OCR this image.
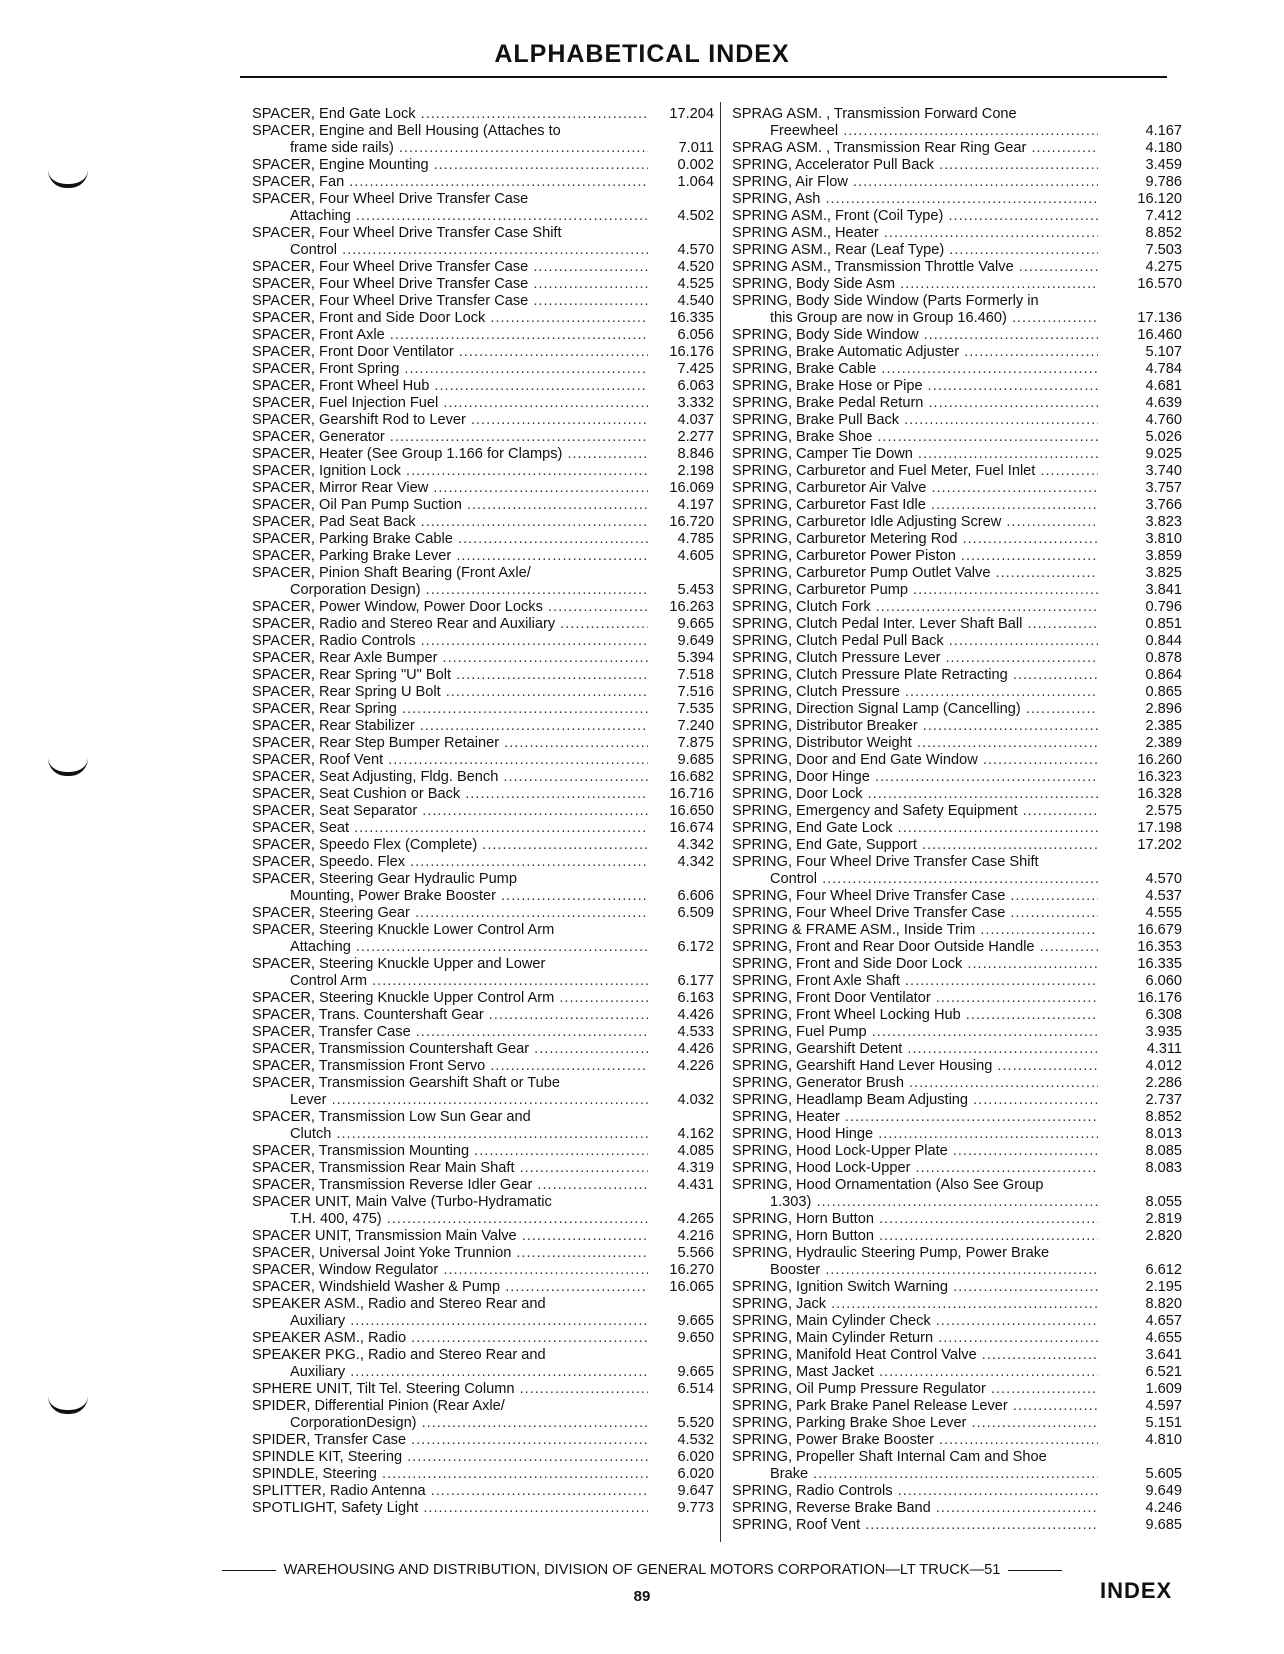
ALPHABETICAL INDEX
SPACER, End Gate Lock .....	17.204
SPACER, Engine and Bell Housing (Attaches to
frame side rails) .....	7.011
SPACER, Engine Mounting .....	0.002
SPACER, Fan .....	1.064
SPACER, Four Wheel Drive Transfer Case
Attaching .....	4.502
SPACER, Four Wheel Drive Transfer Case Shift
Control .....	4.570
SPACER, Four Wheel Drive Transfer Case .....	4.520
SPACER, Four Wheel Drive Transfer Case .....	4.525
SPACER, Four Wheel Drive Transfer Case .....	4.540
SPACER, Front and Side Door Lock .....	16.335
SPACER, Front Axle .....	6.056
SPACER, Front Door Ventilator .....	16.176
SPACER, Front Spring .....	7.425
SPACER, Front Wheel Hub .....	6.063
SPACER, Fuel Injection Fuel .....	3.332
SPACER, Gearshift Rod to Lever .....	4.037
SPACER, Generator .....	2.277
SPACER, Heater (See Group 1.166 for Clamps) .....	8.846
SPACER, Ignition Lock .....	2.198
SPACER, Mirror Rear View .....	16.069
SPACER, Oil Pan Pump Suction .....	4.197
SPACER, Pad Seat Back .....	16.720
SPACER, Parking Brake Cable .....	4.785
SPACER, Parking Brake Lever .....	4.605
SPACER, Pinion Shaft Bearing (Front Axle/
Corporation Design) .....	5.453
SPACER, Power Window, Power Door Locks .....	16.263
SPACER, Radio and Stereo Rear and Auxiliary .....	9.665
SPACER, Radio Controls .....	9.649
SPACER, Rear Axle Bumper .....	5.394
SPACER, Rear Spring "U" Bolt .....	7.518
SPACER, Rear Spring U Bolt .....	7.516
SPACER, Rear Spring .....	7.535
SPACER, Rear Stabilizer .....	7.240
SPACER, Rear Step Bumper Retainer .....	7.875
SPACER, Roof Vent .....	9.685
SPACER, Seat Adjusting, Fldg. Bench .....	16.682
SPACER, Seat Cushion or Back .....	16.716
SPACER, Seat Separator .....	16.650
SPACER, Seat .....	16.674
SPACER, Speedo Flex (Complete) .....	4.342
SPACER, Speedo. Flex .....	4.342
SPACER, Steering Gear Hydraulic Pump
Mounting, Power Brake Booster .....	6.606
SPACER, Steering Gear .....	6.509
SPACER, Steering Knuckle Lower Control Arm
Attaching .....	6.172
SPACER, Steering Knuckle Upper and Lower
Control Arm .....	6.177
SPACER, Steering Knuckle Upper Control Arm .....	6.163
SPACER, Trans. Countershaft Gear .....	4.426
SPACER, Transfer Case .....	4.533
SPACER, Transmission Countershaft Gear .....	4.426
SPACER, Transmission Front Servo .....	4.226
SPACER, Transmission Gearshift Shaft or Tube
Lever .....	4.032
SPACER, Transmission Low Sun Gear and
Clutch .....	4.162
SPACER, Transmission Mounting .....	4.085
SPACER, Transmission Rear Main Shaft .....	4.319
SPACER, Transmission Reverse Idler Gear .....	4.431
SPACER UNIT, Main Valve (Turbo-Hydramatic
T.H. 400, 475) .....	4.265
SPACER UNIT, Transmission Main Valve .....	4.216
SPACER, Universal Joint Yoke Trunnion .....	5.566
SPACER, Window Regulator .....	16.270
SPACER, Windshield Washer & Pump .....	16.065
SPEAKER ASM., Radio and Stereo Rear and
Auxiliary .....	9.665
SPEAKER ASM., Radio .....	9.650
SPEAKER PKG., Radio and Stereo Rear and
Auxiliary .....	9.665
SPHERE UNIT, Tilt Tel. Steering Column .....	6.514
SPIDER, Differential Pinion (Rear Axle/
CorporationDesign) .....	5.520
SPIDER, Transfer Case .....	4.532
SPINDLE KIT, Steering .....	6.020
SPINDLE, Steering .....	6.020
SPLITTER, Radio Antenna .....	9.647
SPOTLIGHT, Safety Light .....	9.773
SPRAG ASM. , Transmission Forward Cone
Freewheel .....	4.167
SPRAG ASM. , Transmission Rear Ring Gear .....	4.180
SPRING, Accelerator Pull Back .....	3.459
SPRING, Air Flow .....	9.786
SPRING, Ash .....	16.120
SPRING ASM., Front (Coil Type) .....	7.412
SPRING ASM., Heater .....	8.852
SPRING ASM., Rear (Leaf Type) .....	7.503
SPRING ASM., Transmission Throttle Valve .....	4.275
SPRING, Body Side Asm .....	16.570
SPRING, Body Side Window (Parts Formerly in
this Group are now in Group 16.460) .....	17.136
SPRING, Body Side Window .....	16.460
SPRING, Brake Automatic Adjuster .....	5.107
SPRING, Brake Cable .....	4.784
SPRING, Brake Hose or Pipe .....	4.681
SPRING, Brake Pedal Return .....	4.639
SPRING, Brake Pull Back .....	4.760
SPRING, Brake Shoe .....	5.026
SPRING, Camper Tie Down .....	9.025
SPRING, Carburetor and Fuel Meter, Fuel Inlet .....	3.740
SPRING, Carburetor Air Valve .....	3.757
SPRING, Carburetor Fast Idle .....	3.766
SPRING, Carburetor Idle Adjusting Screw .....	3.823
SPRING, Carburetor Metering Rod .....	3.810
SPRING, Carburetor Power Piston .....	3.859
SPRING, Carburetor Pump Outlet Valve .....	3.825
SPRING, Carburetor Pump .....	3.841
SPRING, Clutch Fork .....	0.796
SPRING, Clutch Pedal Inter. Lever Shaft Ball .....	0.851
SPRING, Clutch Pedal Pull Back .....	0.844
SPRING, Clutch Pressure Lever .....	0.878
SPRING, Clutch Pressure Plate Retracting .....	0.864
SPRING, Clutch Pressure .....	0.865
SPRING, Direction Signal Lamp (Cancelling) .....	2.896
SPRING, Distributor Breaker .....	2.385
SPRING, Distributor Weight .....	2.389
SPRING, Door and End Gate Window .....	16.260
SPRING, Door Hinge .....	16.323
SPRING, Door Lock .....	16.328
SPRING, Emergency and Safety Equipment .....	2.575
SPRING, End Gate Lock .....	17.198
SPRING, End Gate, Support .....	17.202
SPRING, Four Wheel Drive Transfer Case Shift
Control .....	4.570
SPRING, Four Wheel Drive Transfer Case .....	4.537
SPRING, Four Wheel Drive Transfer Case .....	4.555
SPRING & FRAME ASM., Inside Trim .....	16.679
SPRING, Front and Rear Door Outside Handle .....	16.353
SPRING, Front and Side Door Lock .....	16.335
SPRING, Front Axle Shaft .....	6.060
SPRING, Front Door Ventilator .....	16.176
SPRING, Front Wheel Locking Hub .....	6.308
SPRING, Fuel Pump .....	3.935
SPRING, Gearshift Detent .....	4.311
SPRING, Gearshift Hand Lever Housing .....	4.012
SPRING, Generator Brush .....	2.286
SPRING, Headlamp Beam Adjusting .....	2.737
SPRING, Heater .....	8.852
SPRING, Hood Hinge .....	8.013
SPRING, Hood Lock-Upper Plate .....	8.085
SPRING, Hood Lock-Upper .....	8.083
SPRING, Hood Ornamentation (Also See Group
1.303) .....	8.055
SPRING, Horn Button .....	2.819
SPRING, Horn Button .....	2.820
SPRING, Hydraulic Steering Pump, Power Brake
Booster .....	6.612
SPRING, Ignition Switch Warning .....	2.195
SPRING, Jack .....	8.820
SPRING, Main Cylinder Check .....	4.657
SPRING, Main Cylinder Return .....	4.655
SPRING, Manifold Heat Control Valve .....	3.641
SPRING, Mast Jacket .....	6.521
SPRING, Oil Pump Pressure Regulator .....	1.609
SPRING, Park Brake Panel Release Lever .....	4.597
SPRING, Parking Brake Shoe Lever .....	5.151
SPRING, Power Brake Booster .....	4.810
SPRING, Propeller Shaft Internal Cam and Shoe
Brake .....	5.605
SPRING, Radio Controls .....	9.649
SPRING, Reverse Brake Band .....	4.246
SPRING, Roof Vent .....	9.685
WAREHOUSING AND DISTRIBUTION, DIVISION OF GENERAL MOTORS CORPORATION—LT TRUCK—51
89	INDEX
